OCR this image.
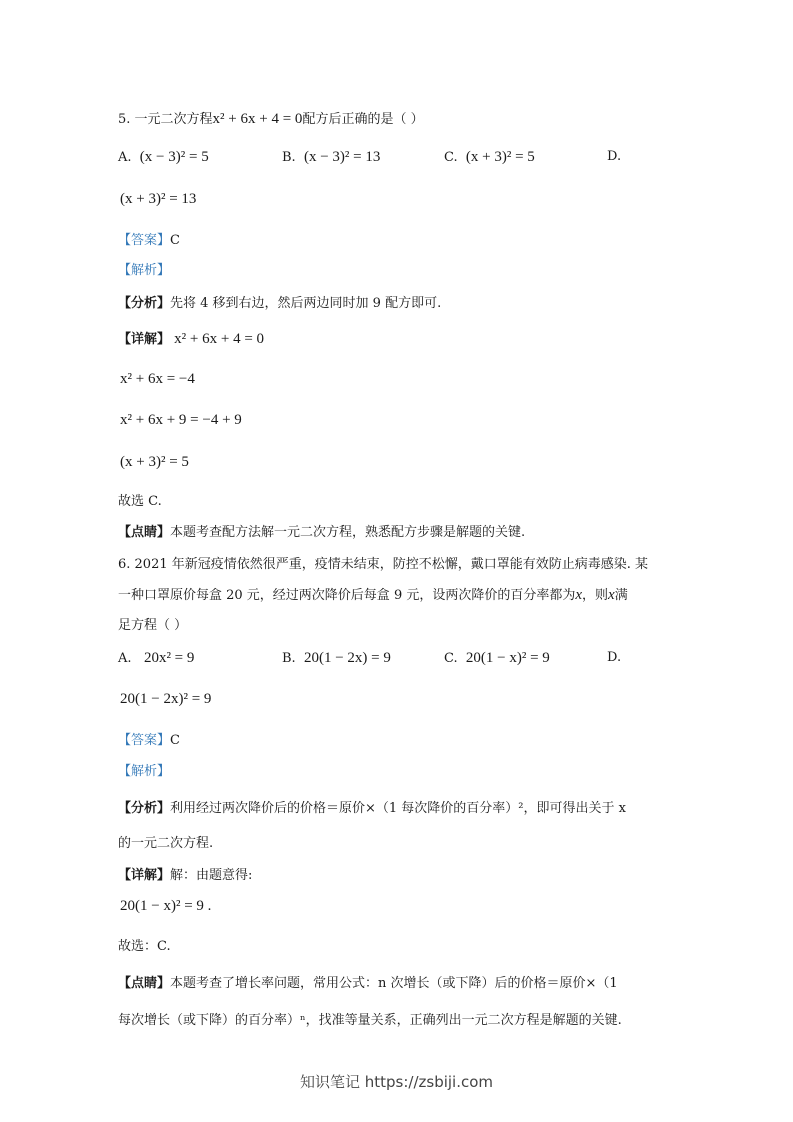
5. 一元二次方程x² + 6x + 4 = 0配方后正确的是（ ）
A. (x − 3)² = 5	B. (x − 3)² = 13	C. (x + 3)² = 5	D.
(x + 3)² = 13
【答案】C
【解析】
【分析】先将 4 移到右边，然后两边同时加 9 配方即可.
【详解】 x² + 6x + 4 = 0
x² + 6x = −4
x² + 6x + 9 = −4 + 9
(x + 3)² = 5
故选 C.
【点睛】本题考查配方法解一元二次方程，熟悉配方步骤是解题的关键.
6. 2021 年新冠疫情依然很严重，疫情未结束，防控不松懈，戴口罩能有效防止病毒感染. 某
一种口罩原价每盒 20 元，经过两次降价后每盒 9 元，设两次降价的百分率都为x，则x满
足方程（ ）
A. 20x² = 9	B. 20(1 − 2x) = 9	C. 20(1 − x)² = 9	D.
20(1 − 2x)² = 9
【答案】C
【解析】
【分析】利用经过两次降价后的价格＝原价×（1 每次降价的百分率）²，即可得出关于 x
的一元二次方程.
【详解】解：由题意得:
20(1 − x)² = 9 .
故选：C.
【点睛】本题考查了增长率问题，常用公式：n 次增长（或下降）后的价格＝原价×（1
每次增长（或下降）的百分率）ⁿ，找准等量关系，正确列出一元二次方程是解题的关键.
知识笔记 https://zsbiji.com
